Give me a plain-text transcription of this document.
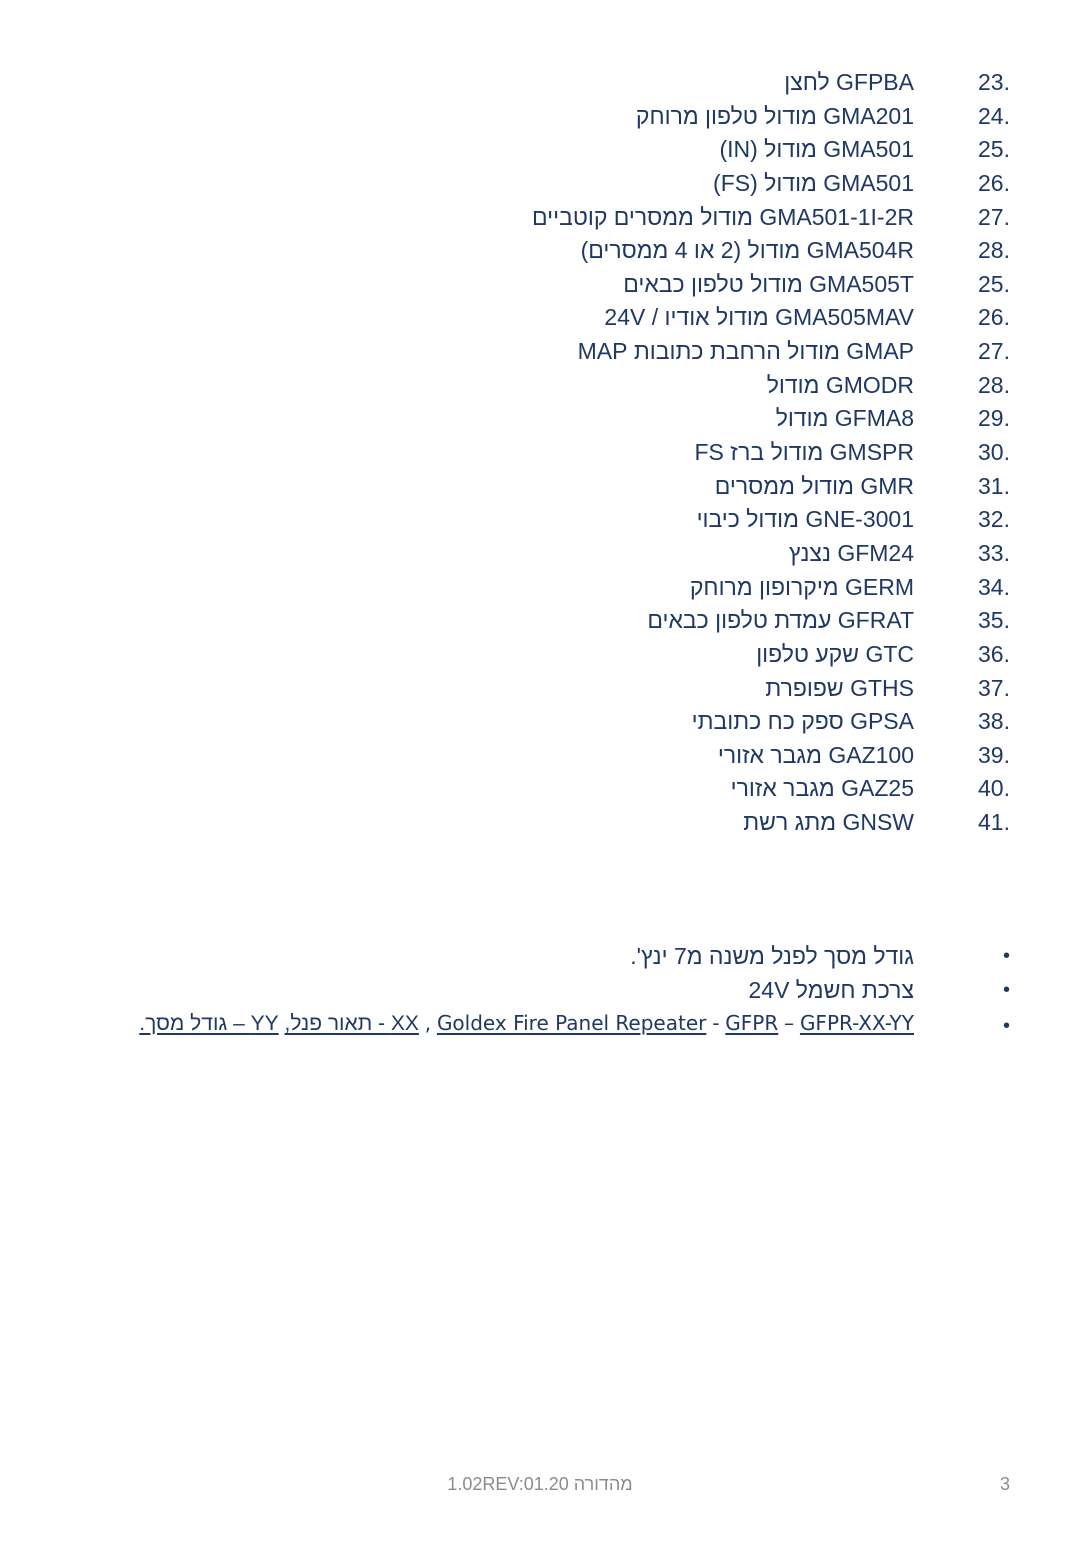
23.
GFPBA לחצן
24.
GMA201 מודול טלפון מרוחק
25.
GMA501 מודול (IN)
26.
GMA501 מודול (FS)
27.
GMA501-1I-2R מודול ממסרים קוטביים
28.
GMA504R מודול (2 או 4 ממסרים)
25.
GMA505T מודול טלפון כבאים
26.
GMA505MAV מודול אודיו / 24V
27.
GMAP מודול הרחבת כתובות MAP
28.
GMODR מודול
29.
GFMA8 מודול
30.
GMSPR מודול ברז FS
31.
GMR מודול ממסרים
32.
GNE-3001 מודול כיבוי
33.
GFM24 נצנץ
34.
GERM מיקרופון מרוחק
35.
GFRAT עמדת טלפון כבאים
36.
GTC שקע טלפון
37.
GTHS שפופרת
38.
GPSA ספק כח כתובתי
39.
GAZ100 מגבר אזורי
40.
GAZ25 מגבר אזורי
41.
GNSW מתג רשת
•
גודל מסך לפנל משנה מ7 ינץ'.
•
צרכת חשמל 24V
•
GFPR-XX-YY – GFPR - Goldex Fire Panel Repeater , XX - תאור פנל, YY – גודל מסך.
מהדורה 1.02REV:01.20	3
